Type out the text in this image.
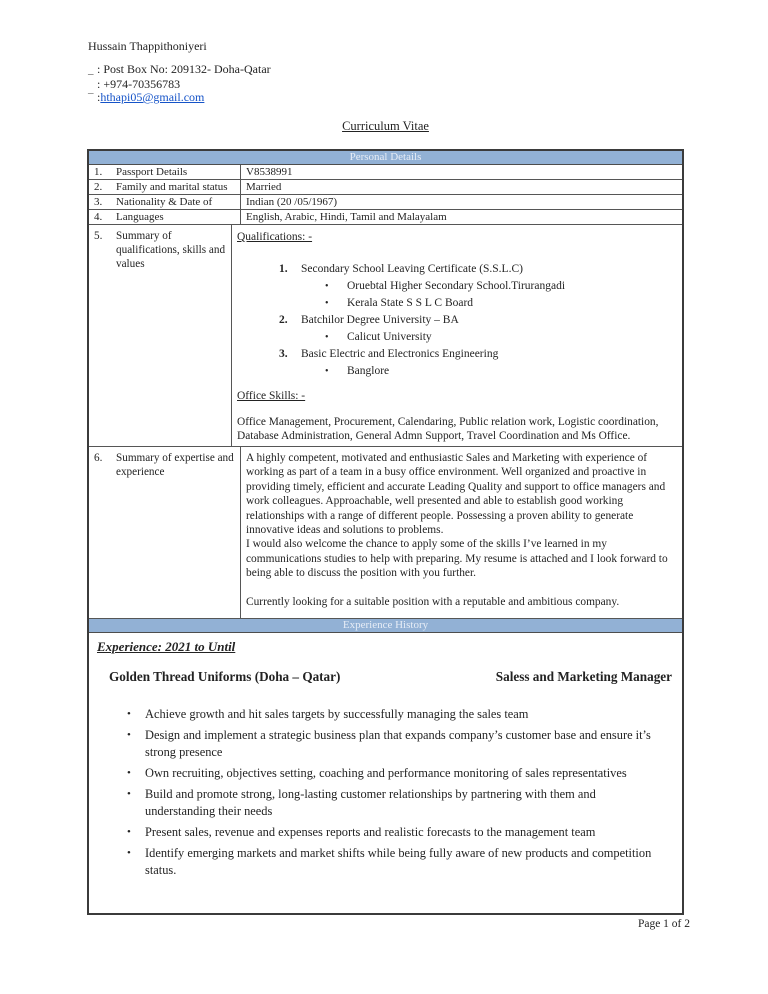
Hussain Thappithoniyeri
_ : Post Box No: 209132- Doha-Qatar
: +974-70356783
¯ : hthapi05@gmail.com
Curriculum Vitae
Personal Details
1.	Passport Details	V8538991
2.	Family and marital status	Married
3.	Nationality & Date of	Indian (20 /05/1967)
4.	Languages	English, Arabic, Hindi, Tamil and Malayalam
5.	Summary of qualifications, skills and values
Qualifications: -
1.	Secondary School Leaving Certificate (S.S.L.C)
•	Oruebtal Higher Secondary School.Tirurangadi
•	Kerala State S S L C Board
2.	Batchilor Degree University – BA
•	Calicut University
3.	Basic Electric and Electronics Engineering
•	Banglore
Office Skills: -
Office Management, Procurement, Calendaring, Public relation work, Logistic coordination, Database Administration, General Admn Support, Travel Coordination and Ms Office.
6.	Summary of expertise and experience
A highly competent, motivated and enthusiastic Sales and Marketing with experience of working as part of a team in a busy office environment. Well organized and proactive in providing timely, efficient and accurate Leading Quality and support to office managers and work colleagues. Approachable, well presented and able to establish good working relationships with a range of different people. Possessing a proven ability to generate innovative ideas and solutions to problems.
I would also welcome the chance to apply some of the skills I’ve learned in my communications studies to help with preparing. My resume is attached and I look forward to being able to discuss the position with you further.
Currently looking for a suitable position with a reputable and ambitious company.
Experience History
Experience: 2021 to Until
Golden Thread Uniforms (Doha – Qatar)	Saless and Marketing Manager
•	Achieve growth and hit sales targets by successfully managing the sales team
•	Design and implement a strategic business plan that expands company’s customer base and ensure it’s strong presence
•	Own recruiting, objectives setting, coaching and performance monitoring of sales representatives
•	Build and promote strong, long-lasting customer relationships by partnering with them and understanding their needs
•	Present sales, revenue and expenses reports and realistic forecasts to the management team
•	Identify emerging markets and market shifts while being fully aware of new products and competition status.
Page 1 of 2
